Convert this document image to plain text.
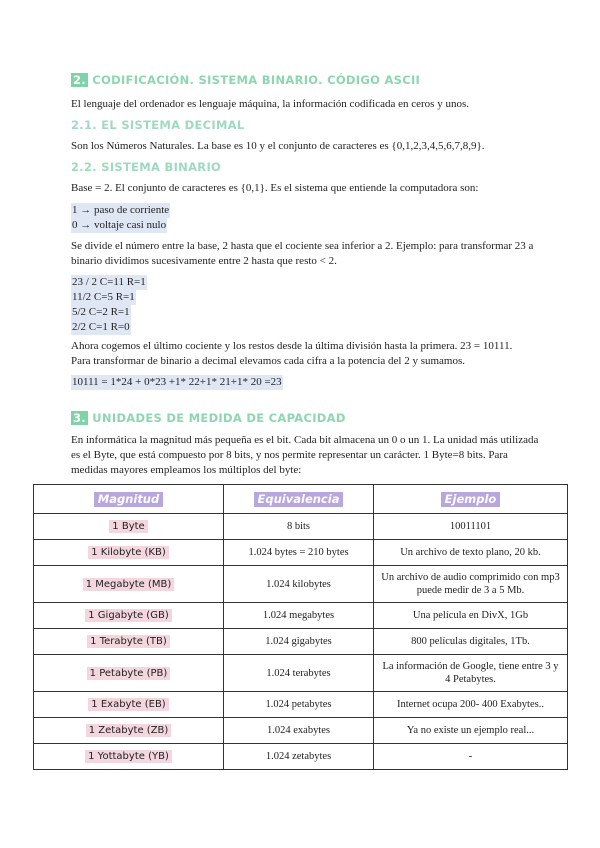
2. CODIFICACIÓN. SISTEMA BINARIO. CÓDIGO ASCII
El lenguaje del ordenador es lenguaje máquina, la información codificada en ceros y unos.
2.1. EL SISTEMA DECIMAL
Son los Números Naturales. La base es 10 y el conjunto de caracteres es {0,1,2,3,4,5,6,7,8,9}.
2.2. SISTEMA BINARIO
Base = 2. El conjunto de caracteres es {0,1}. Es el sistema que entiende la computadora son:
1 → paso de corriente
0 → voltaje casi nulo
Se divide el número entre la base, 2 hasta que el cociente sea inferior a 2. Ejemplo: para transformar 23 a
binario dividimos sucesivamente entre 2 hasta que resto < 2.
23 / 2 C=11 R=1
11/2 C=5 R=1
5/2 C=2 R=1
2/2 C=1 R=0
Ahora cogemos el último cociente y los restos desde la última división hasta la primera. 23 = 10111.
Para transformar de binario a decimal elevamos cada cifra a la potencia del 2 y sumamos.
10111 = 1*24 + 0*23 +1* 22+1* 21+1* 20 =23
3. UNIDADES DE MEDIDA DE CAPACIDAD
En informática la magnitud más pequeña es el bit. Cada bit almacena un 0 o un 1. La unidad más utilizada
es el Byte, que está compuesto por 8 bits, y nos permite representar un carácter. 1 Byte=8 bits. Para
medidas mayores empleamos los múltiplos del byte:
Magnitud	Equivalencia	Ejemplo
1 Byte	8 bits	10011101
1 Kilobyte (KB)	1.024 bytes = 210 bytes	Un archivo de texto plano, 20 kb.
1 Megabyte (MB)	1.024 kilobytes	Un archivo de audio comprimido con mp3 puede medir de 3 a 5 Mb.
1 Gigabyte (GB)	1.024 megabytes	Una película en DivX, 1Gb
1 Terabyte (TB)	1.024 gigabytes	800 películas digitales, 1Tb.
1 Petabyte (PB)	1.024 terabytes	La información de Google, tiene entre 3 y 4 Petabytes.
1 Exabyte (EB)	1.024 petabytes	Internet ocupa 200- 400 Exabytes..
1 Zetabyte (ZB)	1.024 exabytes	Ya no existe un ejemplo real...
1 Yottabyte (YB)	1.024 zetabytes	-
